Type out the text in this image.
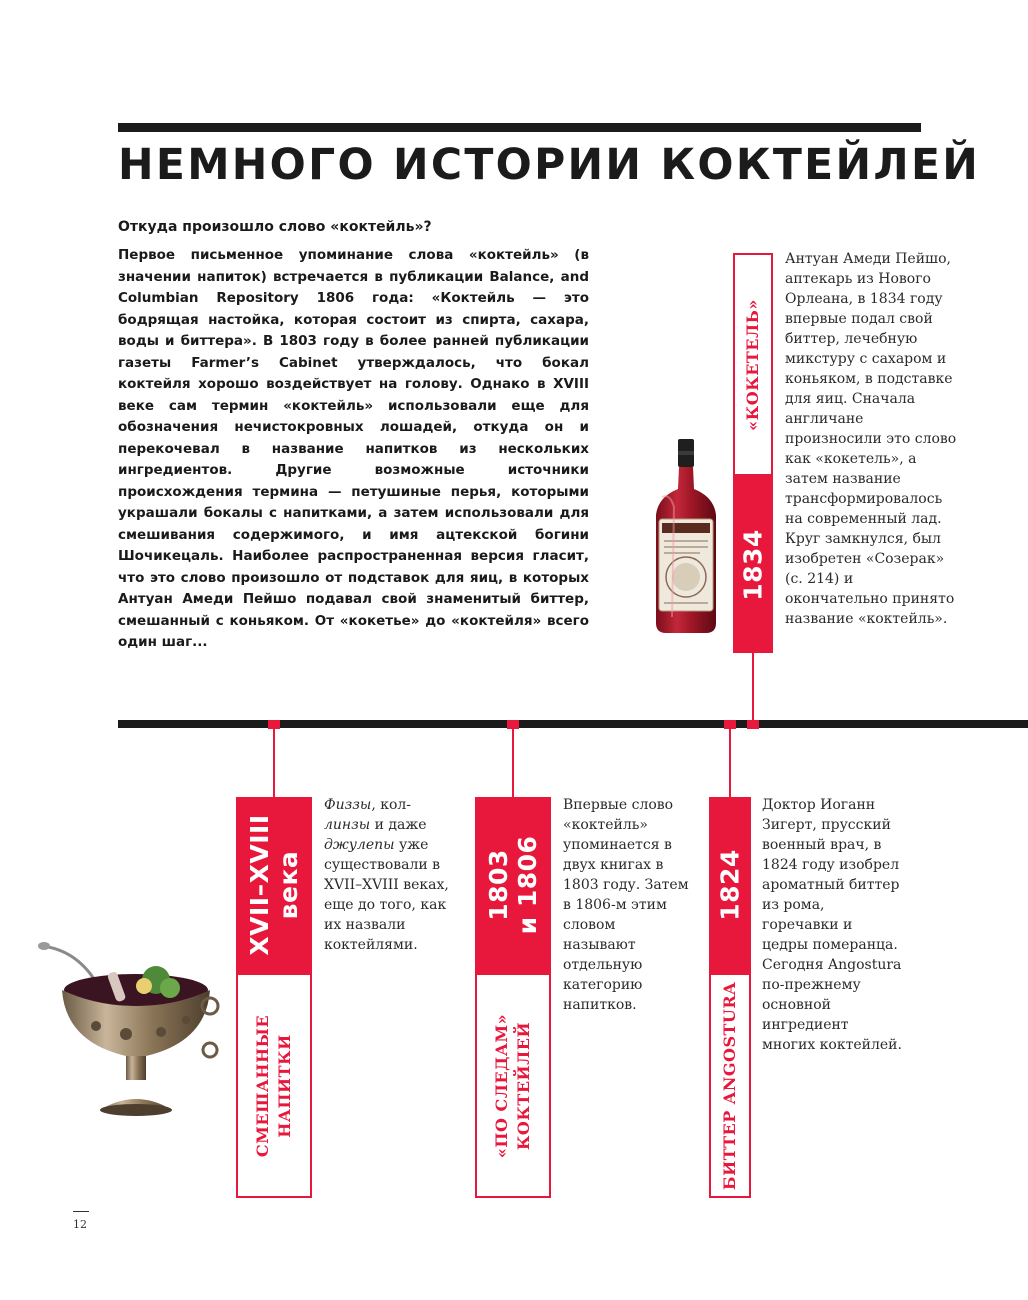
НЕМНОГО ИСТОРИИ КОКТЕЙЛЕЙ
Откуда произошло слово «коктейль»?
Первое письменное упоминание слова «коктейль» (в значении напиток) встречается в публикации Balance, and Columbian Repository 1806 года: «Коктейль — это бодрящая настойка, которая состоит из спирта, сахара, воды и биттера». В 1803 году в более ранней публикации газеты Farmer’s Cabinet утверждалось, что бокал коктейля хорошо воздействует на голову. Однако в XVIII веке сам термин «коктейль» использовали еще для обозначения нечистокровных лошадей, откуда он и перекочевал в название напитков из нескольких ингредиентов. Другие возможные источники происхождения термина — петушиные перья, которыми украшали бокалы с напитками, а затем использовали для смешивания содержимого, и имя ацтекской богини Шочикецаль. Наиболее распространенная версия гласит, что это слово произошло от подставок для яиц, в которых Антуан Амеди Пейшо подавал свой знаменитый биттер, смешанный с коньяком. От «кокетье» до «коктейля» всего один шаг...
«КОКЕТЕЛЬ»
1834
Антуан Амеди Пейшо, аптекарь из Нового Орлеана, в 1834 году впервые подал свой биттер, лечебную микстуру с сахаром и коньяком, в подставке для яиц. Сначала англичане произносили это слово как «кокетель», а затем название трансформировалось на современный лад. Круг замкнулся, был изобретен «Созерак» (с. 214) и окончательно принято название «коктейль».
XVII–XVIII века
СМЕШАННЫЕ НАПИТКИ
Физзы, кол- линзы и даже джулепы уже существовали в XVII–XVIII веках, еще до того, как их назвали коктейлями.
1803 и 1806
«ПО СЛЕДАМ» КОКТЕЙЛЕЙ
Впервые слово «коктейль» упоминается в двух книгах в 1803 году. Затем в 1806-м этим словом называют отдельную категорию напитков.
1824
БИТТЕР ANGOSTURA
Доктор Иоганн Зигерт, прусский военный врач, в 1824 году изобрел ароматный биттер из рома, горечавки и цедры померанца. Сегодня Angostura по-прежнему основной ингредиент многих коктейлей.
12
